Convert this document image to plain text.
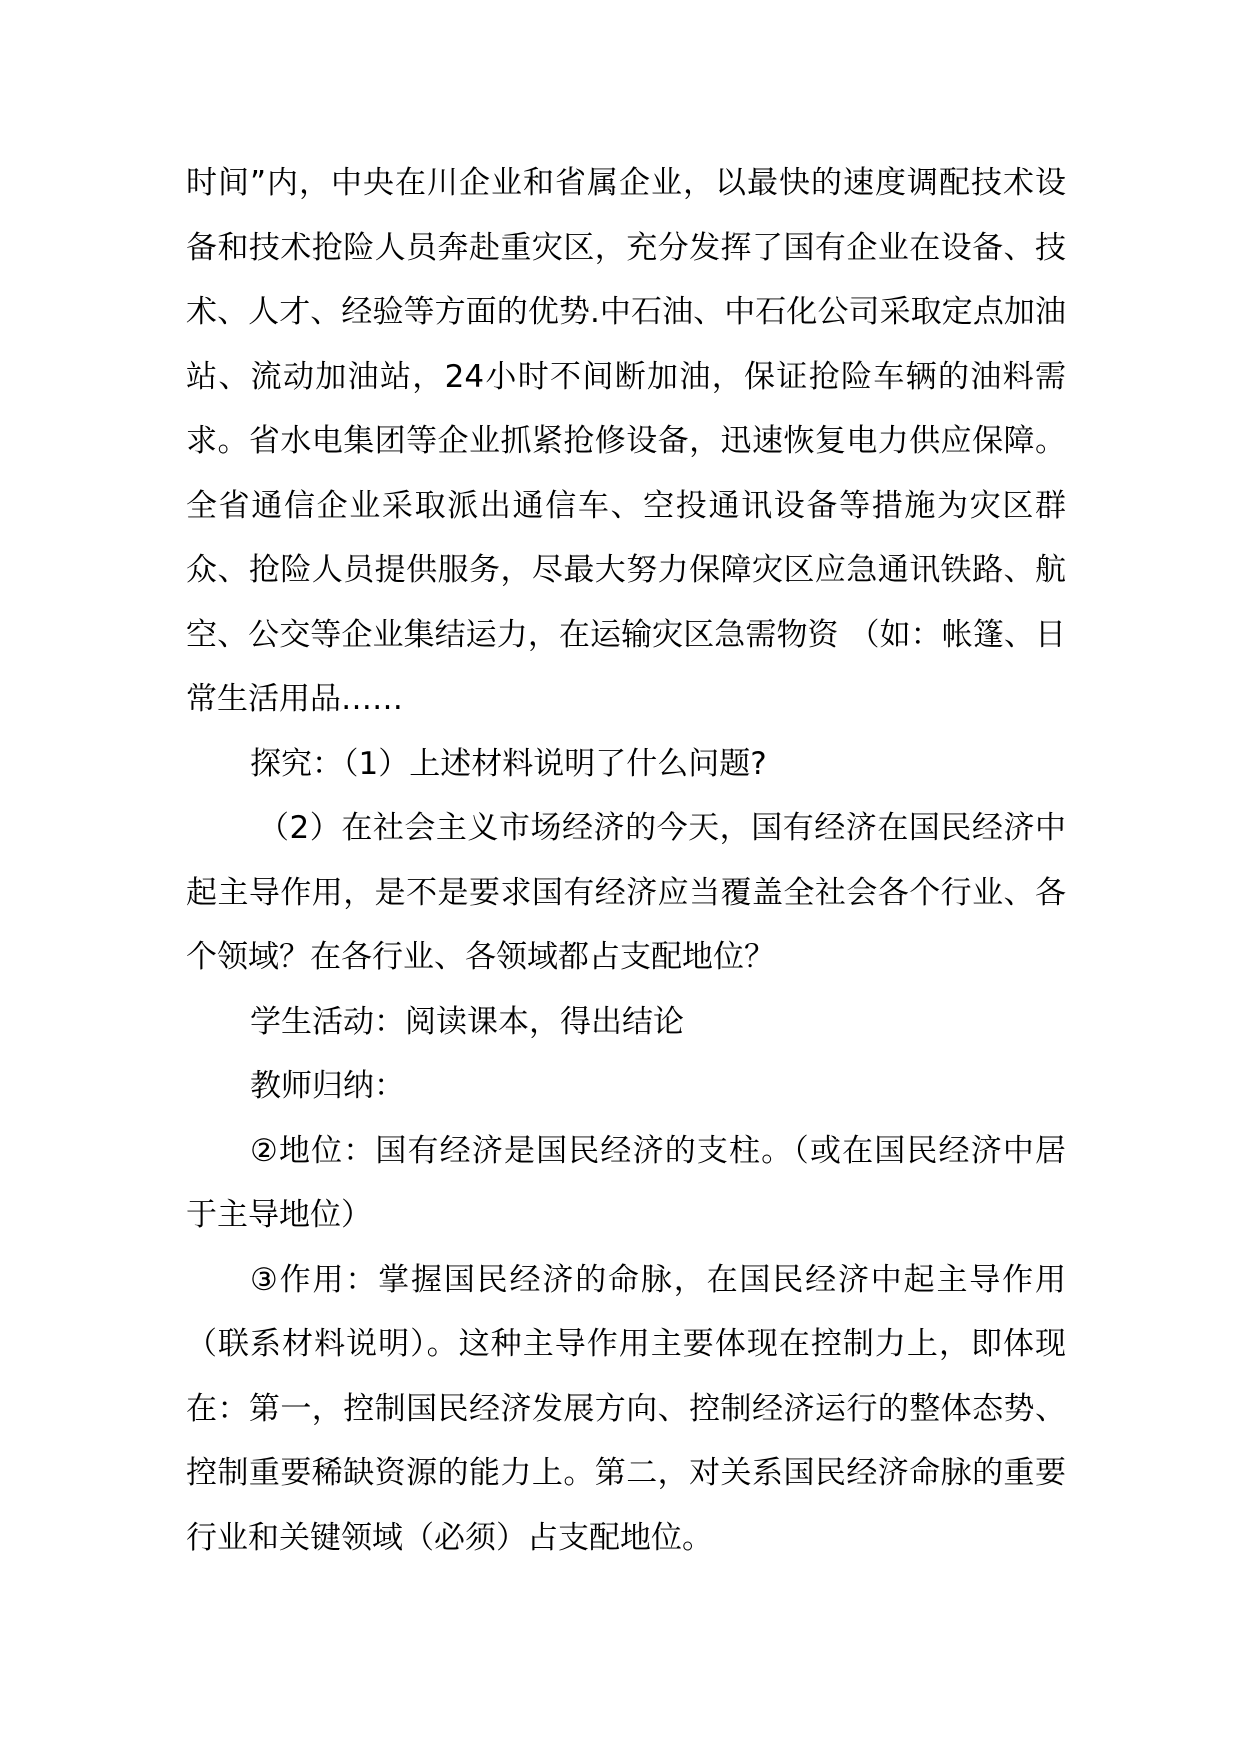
时间”内，中央在川企业和省属企业，以最快的速度调配技术设备和技术抢险人员奔赴重灾区，充分发挥了国有企业在设备、技术、人才、经验等方面的优势.中石油、中石化公司采取定点加油站、流动加油站，24小时不间断加油，保证抢险车辆的油料需求。省水电集团等企业抓紧抢修设备，迅速恢复电力供应保障。全省通信企业采取派出通信车、空投通讯设备等措施为灾区群众、抢险人员提供服务，尽最大努力保障灾区应急通讯铁路、航空、公交等企业集结运力，在运输灾区急需物资 （如：帐篷、日常生活用品……

探究：（1）上述材料说明了什么问题?

（2）在社会主义市场经济的今天，国有经济在国民经济中起主导作用，是不是要求国有经济应当覆盖全社会各个行业、各个领域？在各行业、各领域都占支配地位？

学生活动：阅读课本，得出结论

教师归纳：

②地位：国有经济是国民经济的支柱。（或在国民经济中居于主导地位）

③作用：掌握国民经济的命脉，在国民经济中起主导作用（联系材料说明）。这种主导作用主要体现在控制力上，即体现在：第一，控制国民经济发展方向、控制经济运行的整体态势、控制重要稀缺资源的能力上。第二，对关系国民经济命脉的重要行业和关键领域（必须）占支配地位。
